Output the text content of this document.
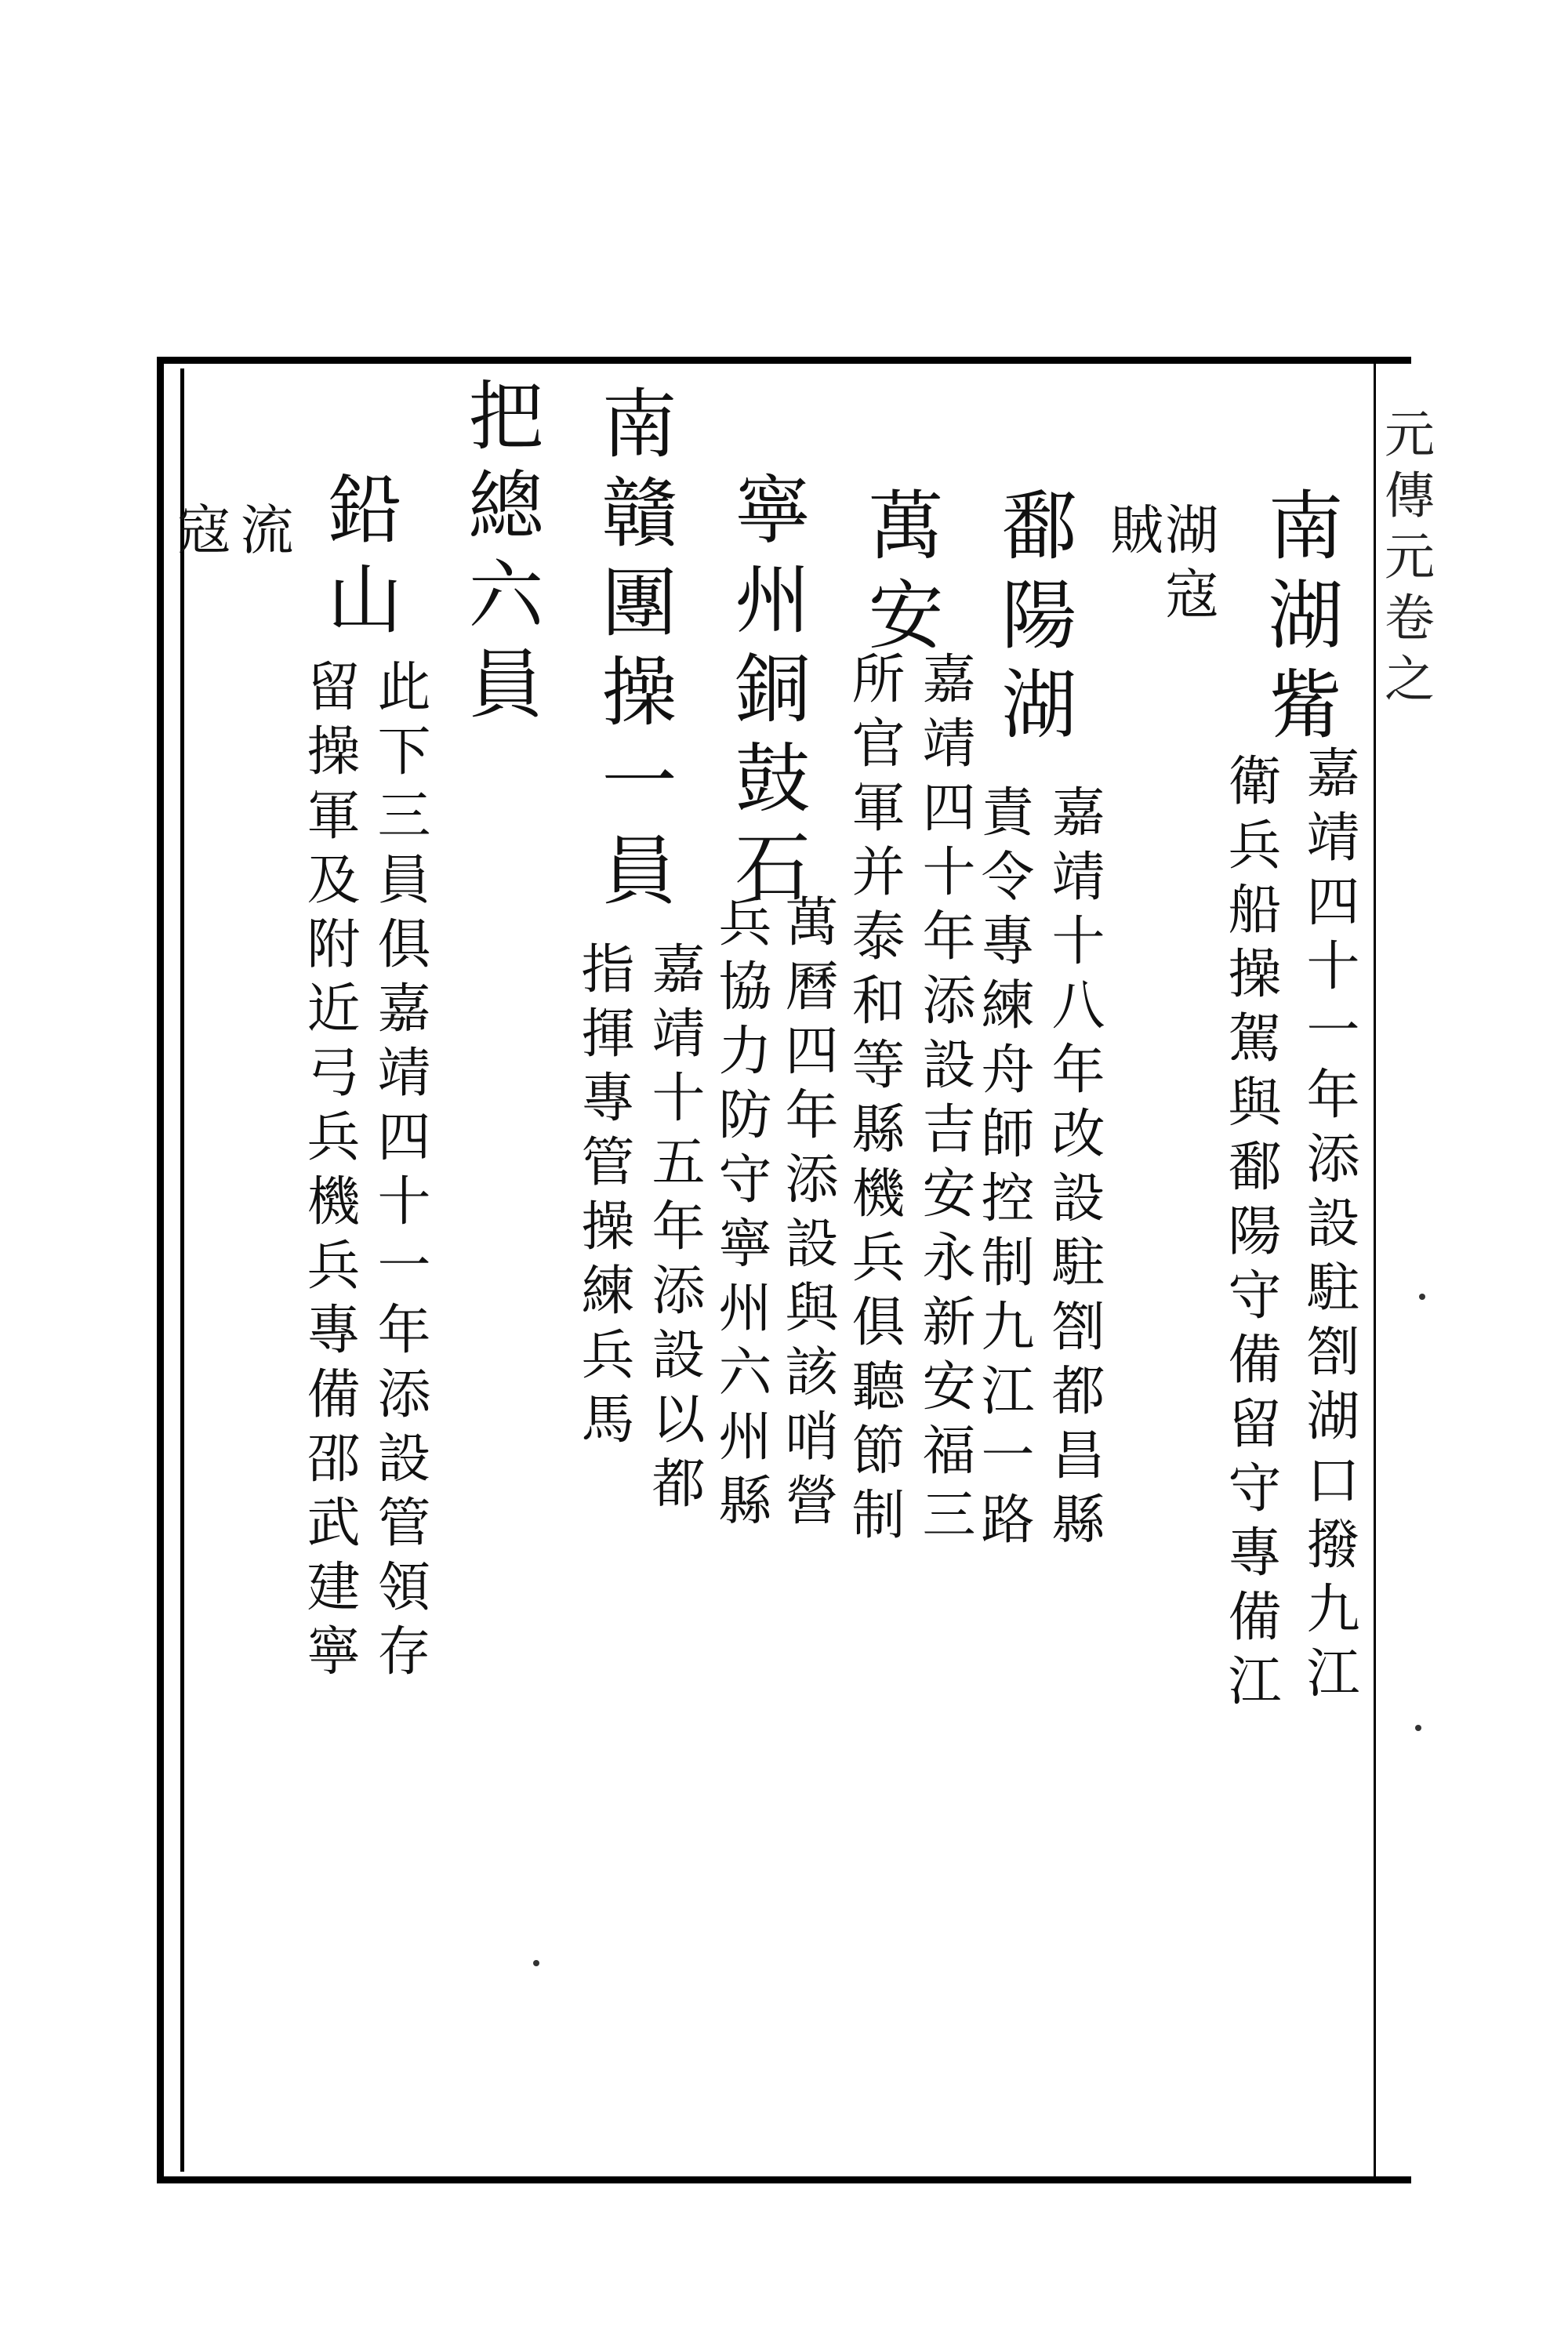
元傳元卷之
南湖觜
嘉靖四十一年添設駐劄湖口撥九江
衛兵船操駕與鄱陽守備留守專備江
湖寇
賊
鄱陽湖
嘉靖十八年改設駐劄都昌縣
責令專練舟師控制九江一路
萬安
嘉靖四十年添設吉安永新安福三
所官軍并泰和等縣機兵俱聽節制
寧州銅鼓石
萬曆四年添設與該哨營
兵協力防守寧州六州縣
南贛團操一員
嘉靖十五年添設以都
指揮專管操練兵馬
把總六員
鉛山
此下三員俱嘉靖四十一年添設管領存
留操軍及附近弓兵機兵專備邵武建寧
流
寇
